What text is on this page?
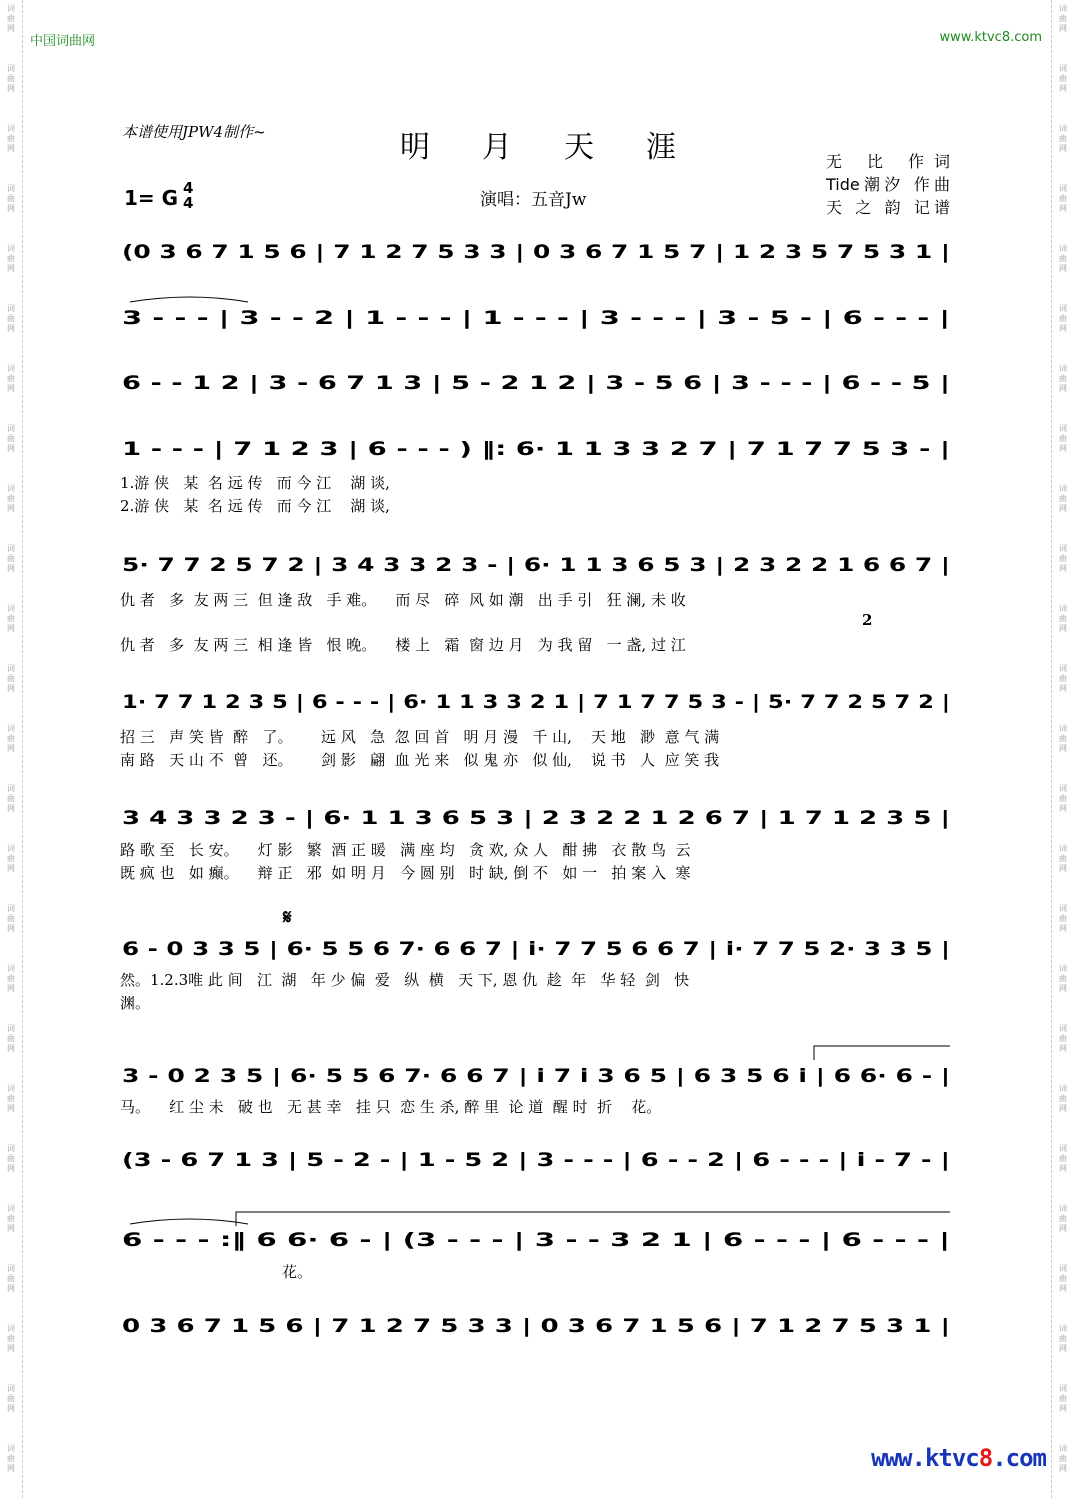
词曲网
词曲网
词曲网
词曲网
词曲网
词曲网
词曲网
词曲网
词曲网
词曲网
词曲网
词曲网
词曲网
词曲网
词曲网
词曲网
词曲网
词曲网
词曲网
词曲网
词曲网
词曲网
词曲网
词曲网
词曲网
词曲网
词曲网
词曲网
词曲网
词曲网
词曲网
词曲网
词曲网
词曲网
词曲网
词曲网
词曲网
词曲网
词曲网
词曲网
词曲网
词曲网
词曲网
词曲网
词曲网
词曲网
词曲网
词曲网
词曲网
词曲网
中国词曲网	www.ktvc8.com
本谱使用JPW4制作~	明月天涯	无 比 作词
Tide潮汐 作曲
天 之 韵 记谱
1= G 4
4	演唱：五音Jw
(0 3 6 7 1 5 6 | 7 1 2 7 5 3 3 | 0 3 6 7 1 5 7 | 1 2 3 5 7 5 3 1 |
3 - - - | 3 - - 2 | 1 - - - | 1 - - - | 3 - - - | 3 - 5 - | 6 - - - |
6 - - 1 2 | 3 - 6 7 1 3 | 5 - 2 1 2 | 3 - 5 6 | 3 - - - | 6 - - 5 |
1 - - - | 7 1 2 3 | 6 - - - ) ‖: 6· 1 1 3 3 2 7 | 7 1 7 7 5 3 - |
5· 7 7 2 5 7 2 | 3 4 3 3 2 3 - | 6· 1 1 3 6 5 3 | 2 3 2 2 1 6 6 7 |
1· 7 7 1 2 3 5 | 6 - - - | 6· 1 1 3 3 2 1 | 7 1 7 7 5 3 - | 5· 7 7 2 5 7 2 |
3 4 3 3 2 3 - | 6· 1 1 3 6 5 3 | 2 3 2 2 1 2 6 7 | 1 7 1 2 3 5 |
6 - 0 3 3 5 | 6· 5 5 6 7· 6 6 7 | i· 7 7 5 6 6 7 | i· 7 7 5 2· 3 3 5 |
3 - 0 2 3 5 | 6· 5 5 6 7· 6 6 7 | i 7 i 3 6 5 | 6 3 5 6 i | 6 6· 6 - |
(3 - 6 7 1 3 | 5 - 2 - | 1 - 5 2 | 3 - - - | 6 - - 2 | 6 - - - | i - 7 - |
6 - - - :‖ 6 6· 6 - | (3 - - - | 3 - - 3 2 1 | 6 - - - | 6 - - - |
0 3 6 7 1 5 6 | 7 1 2 7 5 3 3 | 0 3 6 7 1 5 6 | 7 1 2 7 5 3 1 |
𝄋
1.游 侠   某  名 远 传   而 今 江    湖 谈,
2.游 侠   某  名 远 传   而 今 江    湖 谈,
仇 者   多  友 两 三  但 逢 敌   手 难。    而 尽   碎  风 如 潮   出 手 引   狂 澜, 未 收
2
仇 者   多  友 两 三  相 逢 皆   恨 晚。    楼 上   霜  窗 边 月   为 我 留   一 盏, 过 江
招 三   声 笑 皆  醉   了。      远 风   急  忽 回 首   明 月 漫   千 山,    天 地   渺  意 气 满
南 路   天 山 不  曾   还。      剑 影   翩  血 光 来   似 鬼 亦   似 仙,    说 书   人  应 笑 我
路 歌 至   长 安。    灯 影   繁  酒 正 暖   满 座 均   贪 欢, 众 人   酣 拂   衣 散 鸟  云
既 疯 也   如 癫。    辩 正   邪  如 明 月   今 圆 别   时 缺, 倒 不   如 一   拍 案 入  寒
然。1.2.3唯 此 间   江  湖   年 少 偏  爱   纵  横   天 下, 恩 仇  趁  年   华 轻  剑   快
渊。
马。    红 尘 未   破 也   无 甚 幸   挂 只  恋 生 杀, 醉 里  论 道  醒 时  折    花。
花。
www.ktvc8.com
